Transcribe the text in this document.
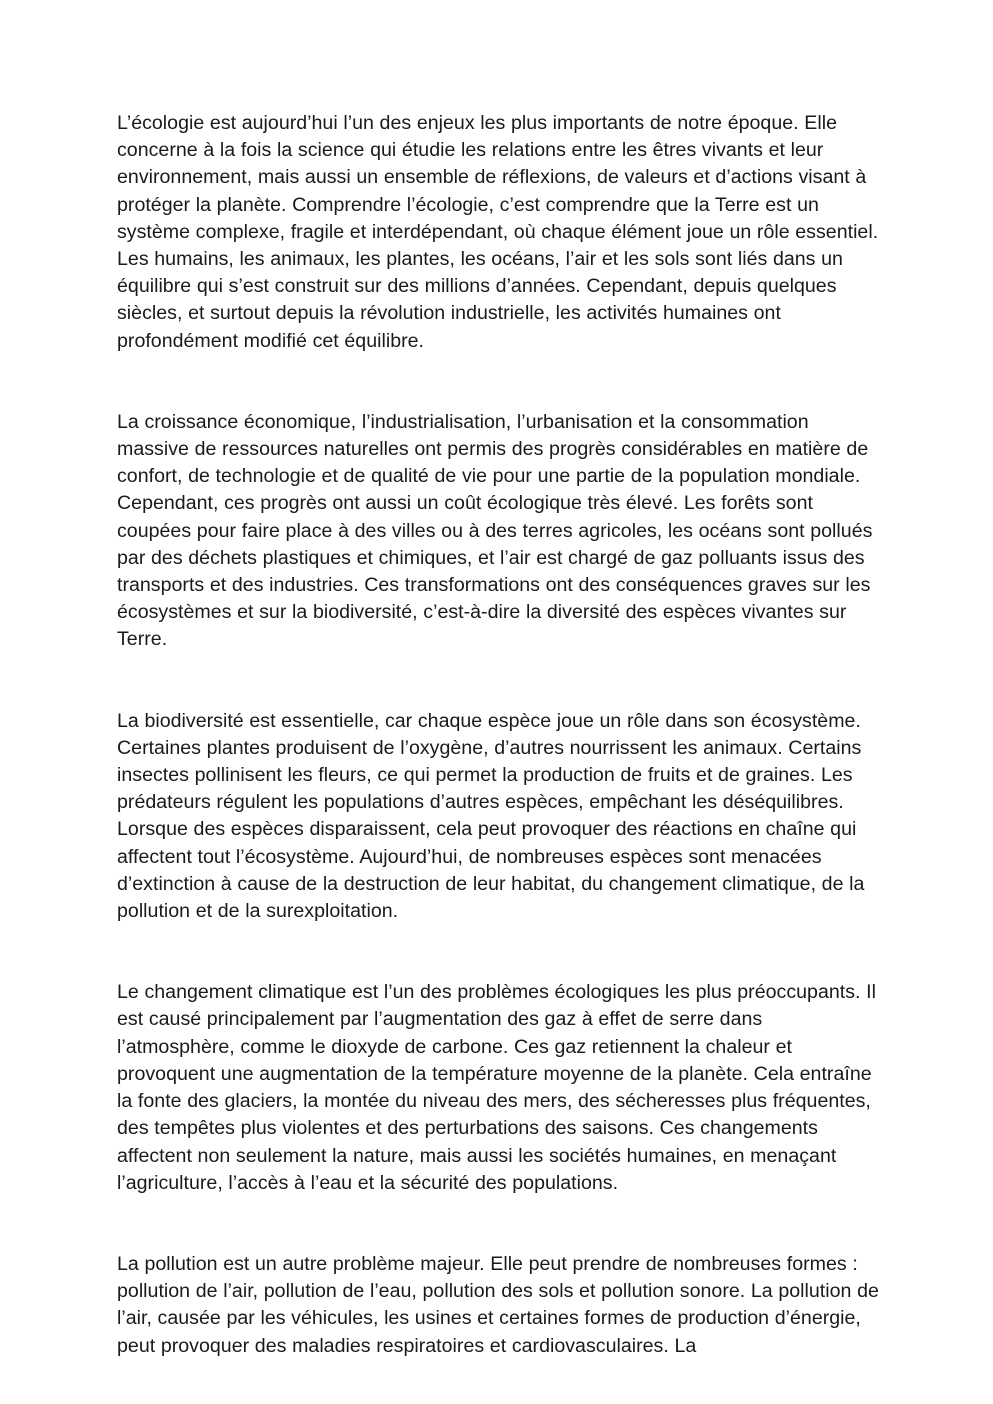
L’écologie est aujourd’hui l’un des enjeux les plus importants de notre époque. Elle concerne à la fois la science qui étudie les relations entre les êtres vivants et leur environnement, mais aussi un ensemble de réflexions, de valeurs et d’actions visant à protéger la planète. Comprendre l’écologie, c’est comprendre que la Terre est un système complexe, fragile et interdépendant, où chaque élément joue un rôle essentiel. Les humains, les animaux, les plantes, les océans, l’air et les sols sont liés dans un équilibre qui s’est construit sur des millions d’années. Cependant, depuis quelques siècles, et surtout depuis la révolution industrielle, les activités humaines ont profondément modifié cet équilibre.

La croissance économique, l’industrialisation, l’urbanisation et la consommation massive de ressources naturelles ont permis des progrès considérables en matière de confort, de technologie et de qualité de vie pour une partie de la population mondiale. Cependant, ces progrès ont aussi un coût écologique très élevé. Les forêts sont coupées pour faire place à des villes ou à des terres agricoles, les océans sont pollués par des déchets plastiques et chimiques, et l’air est chargé de gaz polluants issus des transports et des industries. Ces transformations ont des conséquences graves sur les écosystèmes et sur la biodiversité, c’est-à-dire la diversité des espèces vivantes sur Terre.

La biodiversité est essentielle, car chaque espèce joue un rôle dans son écosystème. Certaines plantes produisent de l’oxygène, d’autres nourrissent les animaux. Certains insectes pollinisent les fleurs, ce qui permet la production de fruits et de graines. Les prédateurs régulent les populations d’autres espèces, empêchant les déséquilibres. Lorsque des espèces disparaissent, cela peut provoquer des réactions en chaîne qui affectent tout l’écosystème. Aujourd’hui, de nombreuses espèces sont menacées d’extinction à cause de la destruction de leur habitat, du changement climatique, de la pollution et de la surexploitation.

Le changement climatique est l’un des problèmes écologiques les plus préoccupants. Il est causé principalement par l’augmentation des gaz à effet de serre dans l’atmosphère, comme le dioxyde de carbone. Ces gaz retiennent la chaleur et provoquent une augmentation de la température moyenne de la planète. Cela entraîne la fonte des glaciers, la montée du niveau des mers, des sécheresses plus fréquentes, des tempêtes plus violentes et des perturbations des saisons. Ces changements affectent non seulement la nature, mais aussi les sociétés humaines, en menaçant l’agriculture, l’accès à l’eau et la sécurité des populations.

La pollution est un autre problème majeur. Elle peut prendre de nombreuses formes : pollution de l’air, pollution de l’eau, pollution des sols et pollution sonore. La pollution de l’air, causée par les véhicules, les usines et certaines formes de production d’énergie, peut provoquer des maladies respiratoires et cardiovasculaires. La
